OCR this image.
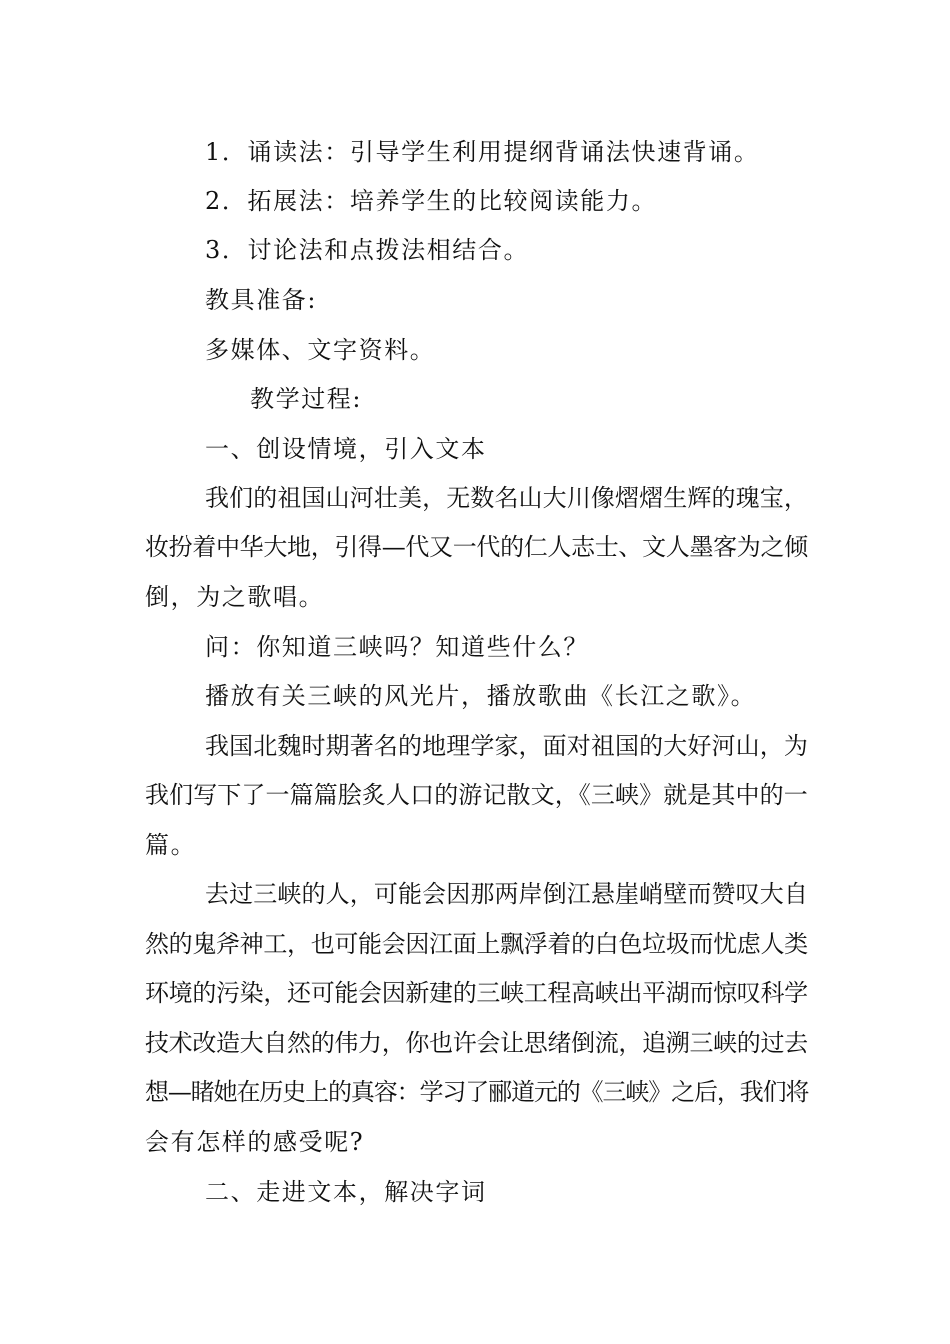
1．诵读法：引导学生利用提纲背诵法快速背诵。
2．拓展法：培养学生的比较阅读能力。
3．讨论法和点拨法相结合。
教具准备:
多媒体、文字资料。
教学过程:
一、创设情境，引入文本
我们的祖国山河壮美，无数名山大川像熠熠生辉的瑰宝，
妆扮着中华大地，引得—代又一代的仁人志士、文人墨客为之倾
倒，为之歌唱。
问：你知道三峡吗？知道些什么？
播放有关三峡的风光片，播放歌曲《长江之歌》。
我国北魏时期著名的地理学家，面对祖国的大好河山，为
我们写下了一篇篇脍炙人口的游记散文，《三峡》就是其中的一
篇。
去过三峡的人，可能会因那两岸倒江悬崖峭壁而赞叹大自
然的鬼斧神工，也可能会因江面上飘浮着的白色垃圾而忧虑人类
环境的污染，还可能会因新建的三峡工程高峡出平湖而惊叹科学
技术改造大自然的伟力，你也许会让思绪倒流，追溯三峡的过去
想—睹她在历史上的真容：学习了郦道元的《三峡》之后，我们将
会有怎样的感受呢?
二、走进文本，解决字词
